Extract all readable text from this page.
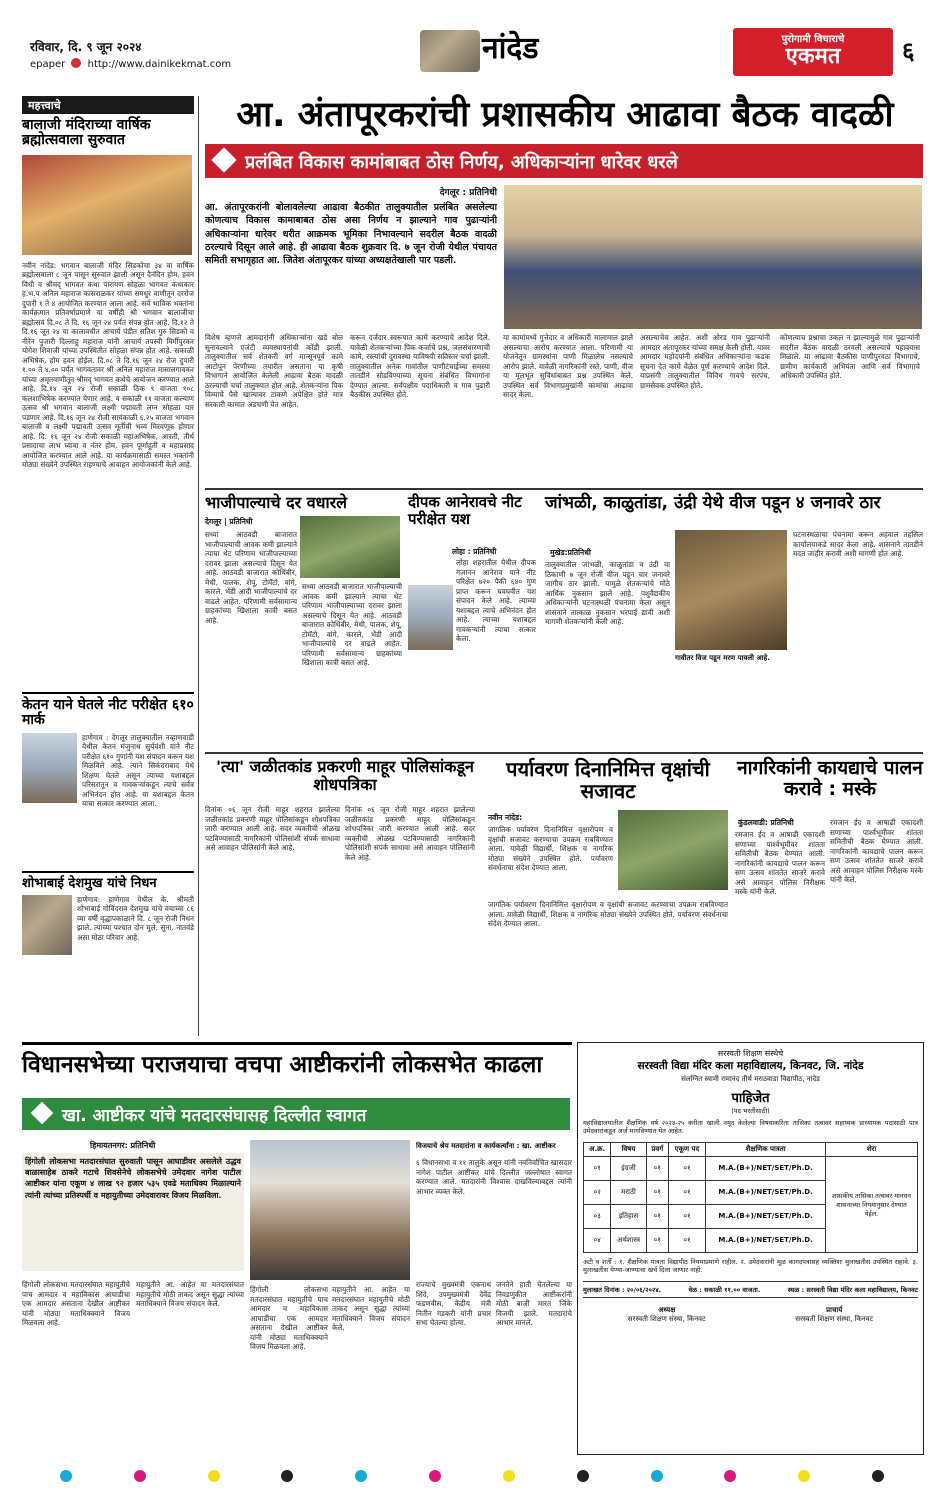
रविवार, दि. ९ जून २०२४
epaper http://www.dainikekmat.com	नांदेड	पुरोगामी विचाराचे
एकमत	६
महत्त्वाचे
बालाजी मंदिराच्या वार्षिक ब्रह्मोत्सवाला सुरुवात
नवीन नांदेड: भगवान बालाजी मंदिर सिडकोचा ३४ वा वार्षिक ब्रह्मोत्सवाला ८ जून पासून सुरुवात झाली असून दैनंदिन होम, हवन विधी व श्रीमद् भागवत कथा पारायण सोहळा भागवत कथाकार ह.भ.प अनिल महाराज कासराळकर यांच्या समधुर वाणीतून दररोज दुपारी १ ते ४ आयोजित करण्यात आला आहे. सर्व भाविक भक्तांना कार्यक्रमात प्रतिवर्षाप्रमाणे या वर्षीही श्री भगवान बालाजीचा ब्रह्मोत्सव दि.०८ ते दि. १६ जून २४ पर्यंत संपन्न होत आहे. दि.१२ ते दि.१६ जून २४ या कालावधीत आचार्य पंडीत सतिश गुरु सिडको व नीरेन पुजारी दिल्लाहु महाराज यांनी आचार्य तपस्वी मिर्गीपुरकर योगेश शिवाजी यांच्या उपस्थितीत सोहळा संपन्न होत आहे. सकाळी अभिषेक, होम हवन होईल. दि.०८ ते दि.१६ जून २४ रोज दुपारी १.०० ते ४.०० पर्यंत भागवतावर श्री अनिल महाराज मासालगावकर यांच्या अमृतवाणीतून श्रीमद् भागवत कथेचे आयोजन करण्यात आले आहे. दि.१४ जून २४ रोजी सकाळी ठिक ९ वाजता १०८ कलशाभिषेक करण्यात येणार आहे. व सकाळी ११ वाजता कल्याण उत्सव श्री भगवान बालाजी लक्ष्मी पद्मावती लग्न सोहळा पार पडणार आहे. दि.१६ जून २४ रोजी सायंकाळी ६.२५ वाजता भगवान बालाजी व लक्ष्मी पद्मावती उत्सव मूर्तीची भव्य मिरवणूक होणार आहे. दि. १६ जून २४ रोजी सकाळी महाअभिषेक, आरती, तीर्थ प्रसादाचा लाभ घ्यावा व नंतर होम, हवन पूर्णाहुती व महाप्रसाद आयोजित करण्यात आले आहे. या कार्यक्रमासाठी समस्त भक्तांनी मोठ्या संख्येने उपस्थित राहण्याचे आवाहन आयोजकांनी केले आहे.
केतन याने घेतले नीट परीक्षेत ६१० मार्क
हाणेगाव : देगलूर तालुक्यातील नव्हाणवाडी येथील केतन मंजुनाथ सुर्यवंशी याने नीट परीक्षेत ६१० गुणांनी यश संपादन करून यश मिळविले आहे. त्याने सिकंदराबाद येथे शिक्षण घेतले असून त्याच्या यशाबद्दल परिसरातून व गावकऱ्यांकडून त्याचे सर्वत्र अभिनंदन होत आहे. या यशाबद्दल केतन याचा सत्कार करण्यात आला.
शोभाबाई देशमुख यांचे निधन
हाणेगाव: हाणेगाव येथील के. श्रीमती शोभाबाई गोविंदराव देशमुख यांचे वयाच्या ८६ व्या वर्षी वृद्धापकाळाने दि. ८ जून रोजी निधन झाले. त्यांच्या पश्चात दोन मुले, सुना, नातवंडे असा मोठा परिवार आहे.
आ. अंतापूरकरांची प्रशासकीय आढावा बैठक वादळी
प्रलंबित विकास कामांबाबत ठोस निर्णय, अधिकाऱ्यांना धारेवर धरले
देगलूर : प्रतिनिधी
आ. अंतापूरकरांनी बोलावलेल्या आढावा बैठकीत तालुक्यातील प्रलंबित असलेल्या कोणत्याच विकास कामाबाबत ठोस असा निर्णय न झाल्याने गाव पुढाऱ्यांनी अधिकाऱ्यांना धारेवर धरीत आक्रमक भूमिका निभावल्याने सदरील बैठक वादळी ठरल्याचे दिसून आले आहे. ही आढावा बैठक शुक्रवार दि. ७ जून रोजी येथील पंचायत समिती सभागृहात आ. जितेश अंतापूरकर यांच्या अध्यक्षतेखाली पार पडली.
विशेष म्हणजे आमदारांनी अधिकाऱ्यांना खडे बोल सुनावल्याने एजंटी व्यवस्थापनांची कोंडी झाली. तालुक्यातील सर्व शेतकरी वर्ग मान्सूनपूर्व कामे आटोपून पेरणीच्या तयारीत असताना या कृषी विभागाने आयोजित केलेली आढावा बैठक वादळी ठरल्याची चर्चा तालुक्यात होत आहे. शेतकऱ्यांना पिक विम्याचे पैसे खात्यावर टाकणे अपेक्षित होते मात्र सरकारी कामात अडचणी येत आहेत.
करून दर्जदार स्वरूपात कामे करण्याचे आदेश दिले. यावेळी शेतकऱ्यांच्या पिक कर्जाचे प्रश्न, जलसंधारणाची कामे, रस्त्यांची दुरावस्था याविषयी सविस्तर चर्चा झाली. तालुक्यातील अनेक गावांतील पाणीटंचाईच्या समस्या तातडीने सोडविण्याच्या सूचना संबंधित विभागांना देण्यात आल्या. सर्वपक्षीय पदाधिकारी व गाव पुढारी बैठकीस उपस्थित होते.
या कामांमध्ये गुत्तेदार व अधिकारी मालामाल झाले असल्याचा आरोप करण्यात आला. परिणामी या योजनेतून ग्रामस्थांना पाणी मिळालेच नसल्याचे आरोप झाले. यावेळी नागरिकांनी रस्ते, पाणी, वीज या मूलभूत सुविधांबाबत प्रश्न उपस्थित केले. उपस्थित सर्व विभागप्रमुखांनी कामांचा आढावा सादर केला.
असल्याचेच आहेत. अशी ओरड गाव पुढाऱ्यांनी आमदार अंतापूरकर यांच्या समक्ष केली होती. यावर आमदार महोदयांनी संबंधित अधिकाऱ्यांना कडक सूचना देत कामे वेळेत पूर्ण करण्याचे आदेश दिले. याप्रसंगी तालुक्यातील विविध गावचे सरपंच, ग्रामसेवक उपस्थित होते.
कोणत्याच प्रश्नाचा उकल न झाल्यामुळे गाव पुढाऱ्यांनी सदरील बैठक वादळी ठरवली असल्याचे पहावयास मिळाले. या आढावा बैठकीस पाणीपुरवठा विभागाचे, ग्रामीण कार्यकारी अभियंता आणि सर्व विभागाचे अधिकारी उपस्थित होते.
भाजीपाल्याचे दर वधारले
देगलूर | प्रतिनिधी
सध्या आठवडी बाजारात भाजीपाल्याची आवक कमी झाल्याने त्याचा थेट परिणाम भाजीपाल्याच्या दरावर झाला असल्याचे दिसून येत आहे. आठवडी बाजारात कोथिंबीर, मेथी, पालक, शेपू, टोमॅटो, वांगे, कारले, भेंडी आदी भाजीपाल्यांचे दर वाढले आहेत. परिणामी सर्वसामान्य ग्राहकांच्या खिशाला कात्री बसत आहे.
सध्या आठवडी बाजारात भाजीपाल्याची आवक कमी झाल्याने त्याचा थेट परिणाम भाजीपाल्याच्या दरावर झाला असल्याचे दिसून येत आहे. आठवडी बाजारात कोथिंबीर, मेथी, पालक, शेपू, टोमॅटो, वांगे, कारले, भेंडी आदी भाजीपाल्यांचे दर वाढले आहेत. परिणामी सर्वसामान्य ग्राहकांच्या खिशाला कात्री बसत आहे.
दीपक आनेरावचे नीट परीक्षेत यश
लोहा : प्रतिनिधी
लोहा शहरातील येथील दीपक गजानन आनेराव याने नीट परिक्षेत ७२० पैकी ६४० गुण प्राप्त करून घवघवीत यश संपादन केले आहे. त्याच्या यशाबद्दल त्याचे अभिनंदन होत आहे. त्याच्या यशाबद्दल गावकऱ्यांनी त्याचा सत्कार केला.
जांभळी, काळुतांडा, उंद्री येथे वीज पडून ४ जनावरे ठार
मुखेड:प्रतिनिधी
तालुक्यातील जांभळी, काळुतांडा व उंद्री या ठिकाणी ७ जून रोजी वीज पडून चार जनावरे जागीच ठार झाली. यामुळे शेतकऱ्यांचे मोठे आर्थिक नुकसान झाले आहे. पशुवैद्यकीय अधिकाऱ्यांनी घटनास्थळी पंचनामा केला असून शासनाने तात्काळ नुकसान भरपाई द्यावी अशी मागणी शेतकऱ्यांनी केली आहे.
गावीतर विज पडून मरण पावली आहे.
घटनास्थळाचा पंचनामा करून अहवाल तहसिल कार्यालयाकडे सादर केला आहे. शासनाने तातडीने मदत जाहीर करावी अशी मागणी होत आहे.
'त्या' जळीतकांड प्रकरणी माहूर पोलिसांकडून शोधपत्रिका
दिनांक ०६ जून रोजी माहूर शहरात झालेल्या जळीतकांड प्रकरणी माहूर पोलिसांकडून शोधपत्रिका जारी करण्यात आली आहे. सदर व्यक्तीची ओळख पटविण्यासाठी नागरिकांनी पोलिसांशी संपर्क साधावा असे आवाहन पोलिसांनी केले आहे.
दिनांक ०६ जून रोजी माहूर शहरात झालेल्या जळीतकांड प्रकरणी माहूर पोलिसांकडून शोधपत्रिका जारी करण्यात आली आहे. सदर व्यक्तीची ओळख पटविण्यासाठी नागरिकांनी पोलिसांशी संपर्क साधावा असे आवाहन पोलिसांनी केले आहे.
पर्यावरण दिनानिमित्त वृक्षांची सजावट
नवीन नांदेड:
जागतिक पर्यावरण दिनानिमित्त वृक्षारोपण व वृक्षांची सजावट करण्याचा उपक्रम राबविण्यात आला. यावेळी विद्यार्थी, शिक्षक व नागरिक मोठ्या संख्येने उपस्थित होते. पर्यावरण संवर्धनाचा संदेश देण्यात आला.
जागतिक पर्यावरण दिनानिमित्त वृक्षारोपण व वृक्षांची सजावट करण्याचा उपक्रम राबविण्यात आला. यावेळी विद्यार्थी, शिक्षक व नागरिक मोठ्या संख्येने उपस्थित होते. पर्यावरण संवर्धनाचा संदेश देण्यात आला.
नागरिकांनी कायद्याचे पालन करावे : मस्के
कुंडलवाडी: प्रतिनिधी
रमजान ईद व आषाढी एकादशी सणाच्या पार्श्वभूमीवर शांतता समितीची बैठक घेण्यात आली. नागरिकांनी कायद्याचे पालन करून सण उत्सव शांततेत साजरे करावे असे आवाहन पोलिस निरीक्षक मस्के यांनी केले.
रमजान ईद व आषाढी एकादशी सणाच्या पार्श्वभूमीवर शांतता समितीची बैठक घेण्यात आली. नागरिकांनी कायद्याचे पालन करून सण उत्सव शांततेत साजरे करावे असे आवाहन पोलिस निरीक्षक मस्के यांनी केले.
विधानसभेच्या पराजयाचा वचपा आष्टीकरांनी लोकसभेत काढला
खा. आष्टीकर यांचे मतदारसंघासह दिल्लीत स्वागत
हिमायतनगर: प्रतिनिधी
हिंगोली लोकसभा मतदारसंघात सुरुवाती पासून आघाडीवर असलेले उद्धव बाळासाहेब ठाकरे गटाचे शिवसेनेचे लोकसभेचे उमेदवार नागेश पाटील आष्टीकर यांना एकूण ४ लाख ९२ हजार ५३५ एवढे मताधिक्य मिळाल्याने त्यांनी त्यांच्या प्रतिस्पर्धी व महायुतीच्या उमेदवारावर विजय मिळविला.
विजयाचे श्रेय मतदारांना व कार्यकर्त्यांना : खा. आष्टीकर
६ विधानसभा व ११ तालुके असून यांनी नवनिर्वाचित खासदार नागेश पाटील आष्टीकर यांचे दिल्लीत जल्लोषात स्वागत करण्यात आले. मतदारांनी विश्वास दाखविल्याबद्दल त्यांनी आभार व्यक्त केले.
हिंगोली लोकसभा मतदारसंघात महायुतीचे पाच आमदार व महाविकास आघाडीचा एक आमदार असताना देखील आष्टीकर यांनी मोठ्या मताधिक्क्याने विजय मिळवला आहे.
महायुतीने आ. आहेत या मतदारसंघात महायुतीचे मोठी ताकद असून सुद्धा त्यांच्या मताधिक्याने विजय संपादन केले.
हिंगोली लोकसभा मतदारसंघात महायुतीचे पाच आमदार व महाविकास आघाडीचा एक आमदार असताना देखील आष्टीकर यांनी मोठ्या मताधिक्क्याने विजय मिळवला आहे.
महायुतीने आ. आहेत या मतदारसंघात महायुतीचे मोठी ताकद असून सुद्धा त्यांच्या मताधिक्याने विजय संपादन केले.
राज्याचे मुख्यमंत्री एकनाथ शिंदे, उपमुख्यमंत्री देवेंद्र फडणवीस, केंद्रीय मंत्री नितीन गडकरी यांनी प्रचार सभा घेतल्या होत्या.
जनतेने हाती घेतलेल्या या निवडणुकीत आष्टीकरांनी मोठी बाजी मारत जिंके विजयी झाले. मतदारांचे आभार मानले.
सरस्वती शिक्षण संस्थेचे
सरस्वती विद्या मंदिर कला महाविद्यालय, किनवट, जि. नांदेड
संलग्नित स्वामी रामानंद तीर्थ मराठवाडा विद्यापीठ, नांदेड
पाहिजेत
(पद भरतीसाठी)
महाविद्यालयातील शैक्षणिक वर्ष २०२४-२५ करीता खाली नमूद केलेल्या विषयाकरिता तासिका तत्वावर सहाय्यक प्राध्यापक पदासाठी पात्र उमेदवारांकडून अर्ज मागविण्यात येत आहेत.
अ.क्र.	विषय	प्रवर्ग	एकूण पद	शैक्षणिक पात्रता	शेरा
०१	इंग्रजी	०१	०१	M.A.(B+)/NET/SET/Ph.D.	शासकीय तासिका तत्वावर मानधन शासनाच्या नियमानुसार देण्यात येईल.
०२	मराठी	०१	०१	M.A.(B+)/NET/SET/Ph.D.	
०३	इतिहास	०१	०१	M.A.(B+)/NET/SET/Ph.D.	
०४	अर्थशास्त्र	०१	०१	M.A.(B+)/NET/SET/Ph.D.	
अटी व शर्ती : १. शैक्षणिक पात्रता विद्यापीठ नियमाप्रमाणे राहील. २. उमेदवारांनी मूळ कागदपत्रासह व्यक्तिशः मुलाखतीस उपस्थित राहावे. ३. मुलाखतीस येण्या-जाण्याचा खर्च दिला जाणार नाही.
मुलाखत दिनांक : २०/०६/२०२४.	वेळ : सकाळी ११.०० वाजता.	स्थळ : सरस्वती विद्या मंदिर कला महाविद्यालय, किनवट
अध्यक्ष
सरस्वती शिक्षण संस्था, किनवट
प्राचार्य
सरस्वती शिक्षण संस्था, किनवट
